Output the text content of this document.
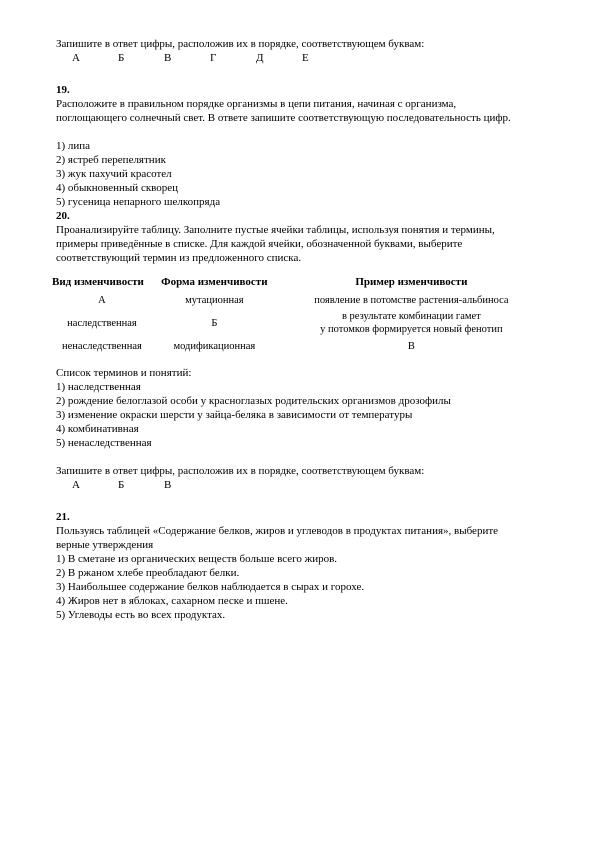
Запишите в ответ цифры, расположив их в порядке, соответствующем буквам:
А	Б	В	Г	Д	Е
19.
Расположите в правильном порядке организмы в цепи питания, начиная с организма,
поглощающего солнечный свет. В ответе запишите соответствующую последовательность цифр.
1) липа
2) ястреб перепелятник
3) жук пахучий красотел
4) обыкновенный скворец
5) гусеница непарного шелкопряда
20.
Проанализируйте таблицу. Заполните пустые ячейки таблицы, используя понятия и термины,
примеры приведённые в списке. Для каждой ячейки, обозначенной буквами, выберите
соответствующий термин из предложенного списка.
Вид изменчивости	Форма изменчивости	Пример изменчивости
А	мутационная	появление в потомстве растения-альбиноса
наследственная	Б	в результате комбинации гамет
у потомков формируется новый фенотип

ненаследственная	модификационная	В
Список терминов и понятий:
1) наследственная
2) рождение белоглазой особи у красноглазых родительских организмов дрозофилы
3) изменение окраски шерсти у зайца-беляка в зависимости от температуры
4) комбинативная
5) ненаследственная
Запишите в ответ цифры, расположив их в порядке, соответствующем буквам:
А	Б	В
21.
Пользуясь таблицей «Содержание белков, жиров и углеводов в продуктах питания», выберите
верные утверждения
1) В сметане из органических веществ больше всего жиров.
2) В ржаном хлебе преобладают белки.
3) Наибольшее содержание белков наблюдается в сырах и горохе.
4) Жиров нет в яблоках, сахарном песке и пшене.
5) Углеводы есть во всех продуктах.
